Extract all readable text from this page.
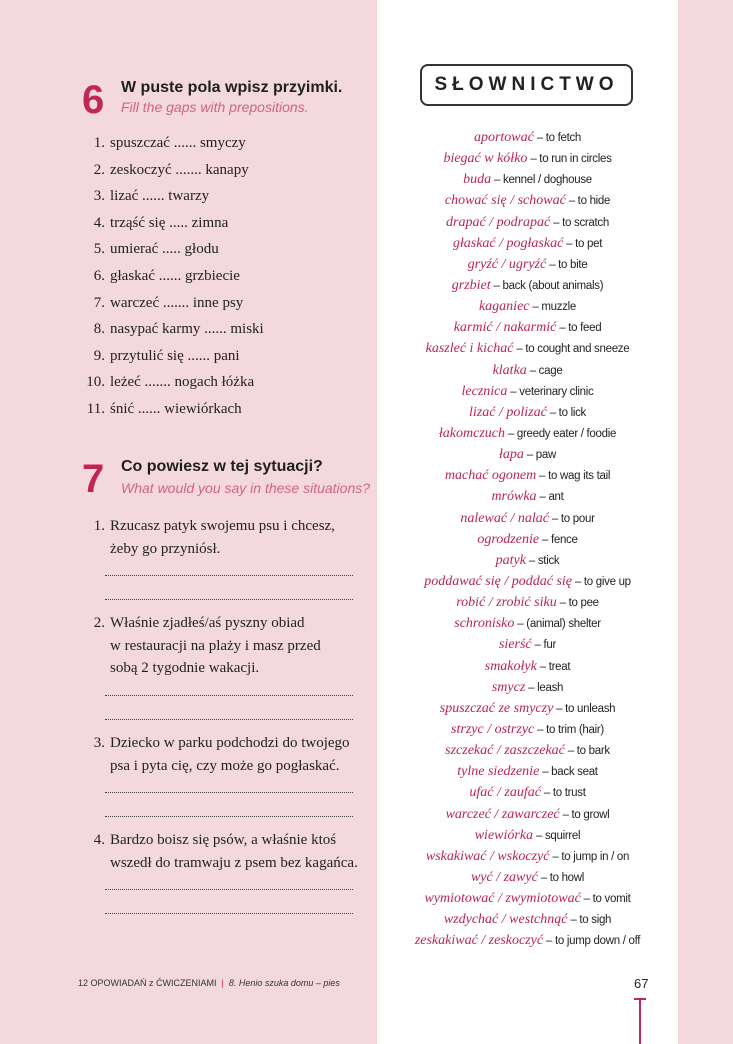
6 W puste pola wpisz przyimki.
Fill the gaps with prepositions.
1. spuszczać ...... smyczy
2. zeskoczyć ....... kanapy
3. lizać ...... twarzy
4. trząść się ..... zimna
5. umierać ..... głodu
6. głaskać ...... grzbiecie
7. warczeć ....... inne psy
8. nasypać karmy ...... miski
9. przytulić się ...... pani
10. leżeć ....... nogach łóżka
11. śnić ...... wiewiórkach
7 Co powiesz w tej sytuacji?
What would you say in these situations?
1. Rzucasz patyk swojemu psu i chcesz,
żeby go przyniósł.
2. Właśnie zjadłeś/aś pyszny obiad
w restauracji na plaży i masz przed
sobą 2 tygodnie wakacji.
3. Dziecko w parku podchodzi do twojego
psa i pyta cię, czy może go pogłaskać.
4. Bardzo boisz się psów, a właśnie ktoś
wszedł do tramwaju z psem bez kagańca.
SŁOWNICTWO
aportować – to fetch
biegać w kółko – to run in circles
buda – kennel / doghouse
chować się / schować – to hide
drapać / podrapać – to scratch
głaskać / pogłaskać – to pet
gryźć / ugryźć – to bite
grzbiet – back (about animals)
kaganiec – muzzle
karmić / nakarmić – to feed
kaszleć i kichać – to cought and sneeze
klatka – cage
lecznica – veterinary clinic
lizać / polizać – to lick
łakomczuch – greedy eater / foodie
łapa – paw
machać ogonem – to wag its tail
mrówka – ant
nalewać / nalać – to pour
ogrodzenie – fence
patyk – stick
poddawać się / poddać się – to give up
robić / zrobić siku – to pee
schronisko – (animal) shelter
sierść – fur
smakołyk – treat
smycz – leash
spuszczać ze smyczy – to unleash
strzyc / ostrzyc – to trim (hair)
szczekać / zaszczekać – to bark
tylne siedzenie – back seat
ufać / zaufać – to trust
warczeć / zawarczeć – to growl
wiewiórka – squirrel
wskakiwać / wskoczyć – to jump in / on
wyć / zawyć – to howl
wymiotować / zwymiotować – to vomit
wzdychać / westchnąć – to sigh
zeskakiwać / zeskoczyć – to jump down / off
12 OPOWIADAŃ z ĆWICZENIAMI | 8. Henio szuka domu – pies	67
